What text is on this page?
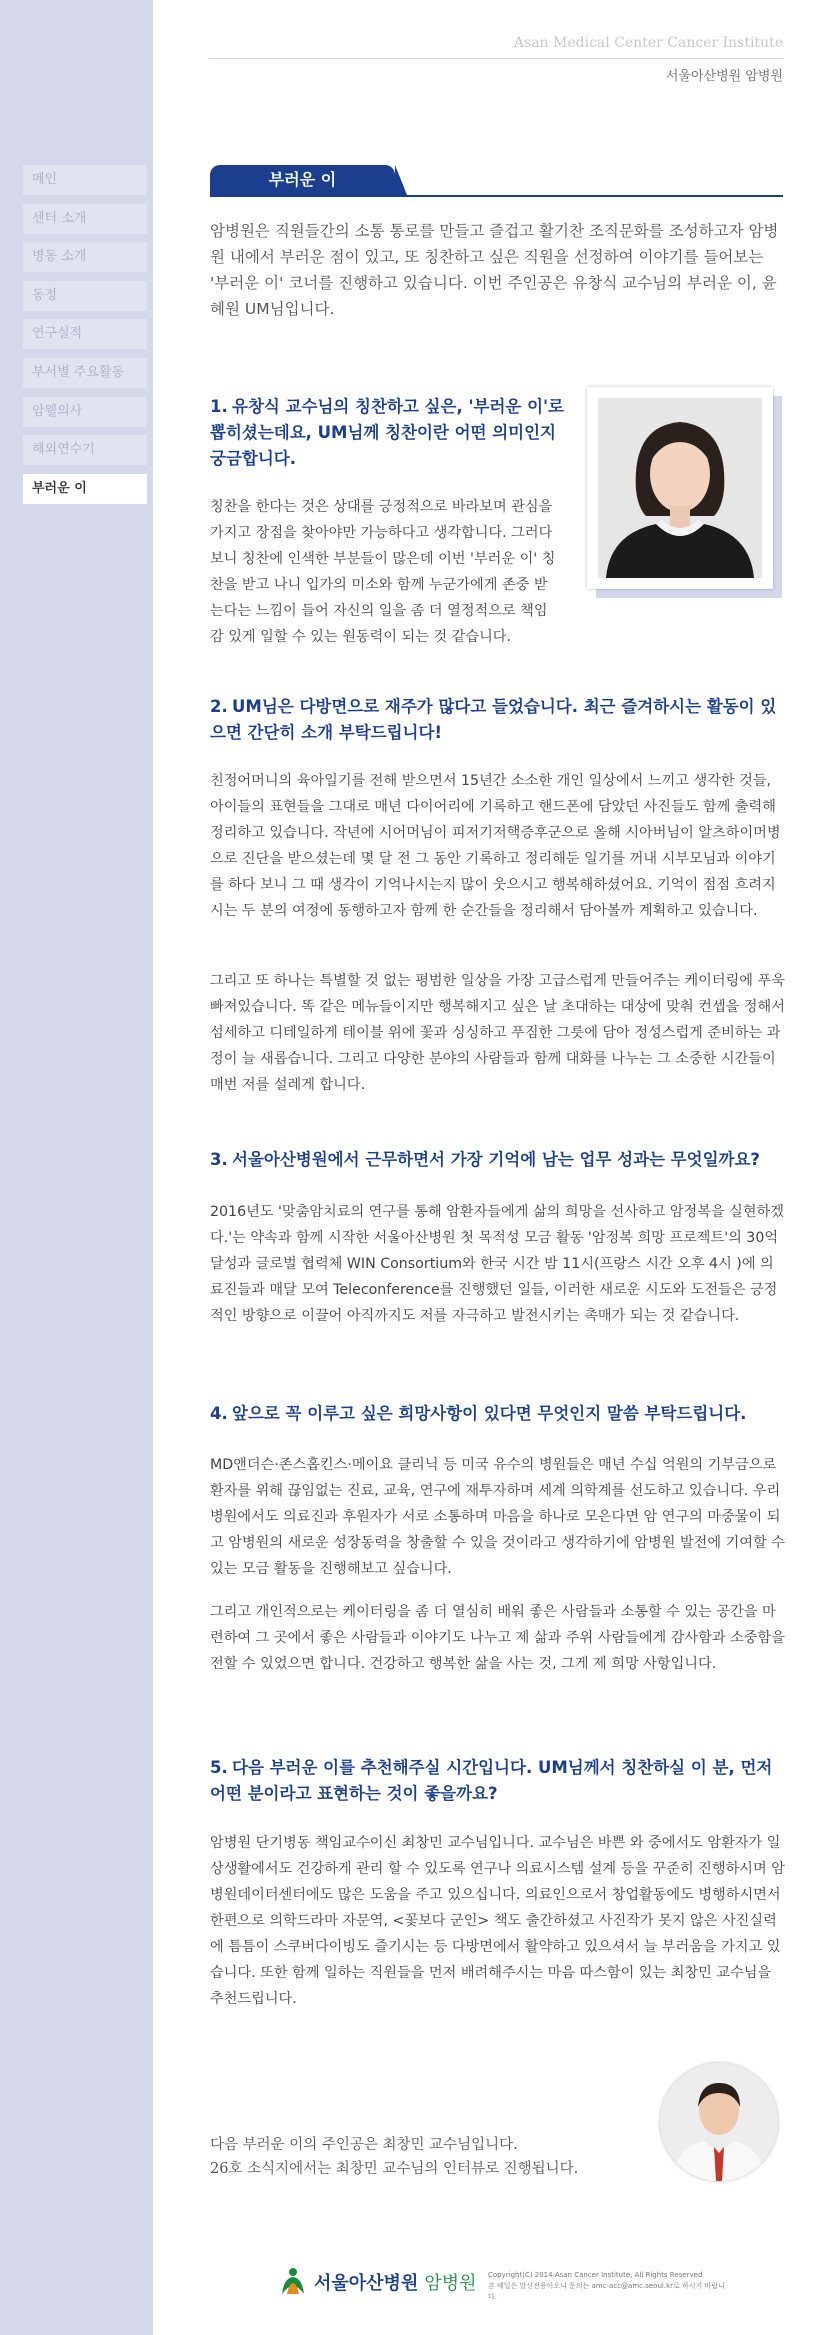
메인
센터 소개
병동 소개
동정
연구실적
부서별 주요활동
암웰의사
해외연수기
부러운 이
Asan Medical Center Cancer Institute
서울아산병원 암병원
부러운 이

암병원은 직원들간의 소통 통로를 만들고 즐겁고 활기찬 조직문화를 조성하고자 암병원 내에서 부러운 점이 있고, 또 칭찬하고 싶은 직원을 선정하여 이야기를 들어보는 '부러운 이' 코너를 진행하고 있습니다. 이번 주인공은 유창식 교수님의 부러운 이, 윤혜원 UM님입니다.

1. 유창식 교수님의 칭찬하고 싶은, '부러운 이'로 뽑히셨는데요, UM님께 칭찬이란 어떤 의미인지 궁금합니다.

칭찬을 한다는 것은 상대를 긍정적으로 바라보며 관심을 가지고 장점을 찾아야만 가능하다고 생각합니다. 그러다 보니 칭찬에 인색한 부분들이 많은데 이번 '부러운 이' 칭찬을 받고 나니 입가의 미소와 함께 누군가에게 존중 받는다는 느낌이 들어 자신의 일을 좀 더 열정적으로 책임감 있게 일할 수 있는 원동력이 되는 것 같습니다.

2. UM님은 다방면으로 재주가 많다고 들었습니다. 최근 즐겨하시는 활동이 있으면 간단히 소개 부탁드립니다!

친정어머니의 육아일기를 전해 받으면서 15년간 소소한 개인 일상에서 느끼고 생각한 것들, 아이들의 표현들을 그대로 매년 다이어리에 기록하고 핸드폰에 담았던 사진들도 함께 출력해 정리하고 있습니다. 작년에 시어머님이 피저기저핵증후군으로 올해 시아버님이 알츠하이머병으로 진단을 받으셨는데 몇 달 전 그 동안 기록하고 정리해둔 일기를 꺼내 시부모님과 이야기를 하다 보니 그 때 생각이 기억나시는지 많이 웃으시고 행복해하셨어요. 기억이 점점 흐려지시는 두 분의 여정에 동행하고자 함께 한 순간들을 정리해서 담아볼까 계획하고 있습니다.

그리고 또 하나는 특별할 것 없는 평범한 일상을 가장 고급스럽게 만들어주는 케이터링에 푸욱 빠져있습니다. 똑 같은 메뉴들이지만 행복해지고 싶은 날 초대하는 대상에 맞춰 컨셉을 정해서 섬세하고 디테일하게 테이블 위에 꽃과 싱싱하고 푸짐한 그릇에 담아 정성스럽게 준비하는 과정이 늘 새롭습니다. 그리고 다양한 분야의 사람들과 함께 대화를 나누는 그 소중한 시간들이 매번 저를 설레게 합니다.

3. 서울아산병원에서 근무하면서 가장 기억에 남는 업무 성과는 무엇일까요?

2016년도 '맞춤암치료의 연구를 통해 암환자들에게 삶의 희망을 선사하고 암정복을 실현하겠다.'는 약속과 함께 시작한 서울아산병원 첫 목적성 모금 활동 '암정복 희망 프로젝트'의 30억 달성과 글로벌 협력체 WIN Consortium와 한국 시간 밤 11시(프랑스 시간 오후 4시 )에 의료진들과 매달 모여 Teleconference를 진행했던 일들, 이러한 새로운 시도와 도전들은 긍정적인 방향으로 이끌어 아직까지도 저를 자극하고 발전시키는 촉매가 되는 것 같습니다.

4. 앞으로 꼭 이루고 싶은 희망사항이 있다면 무엇인지 말씀 부탁드립니다.

MD앤더슨·존스홉킨스·메이요 클리닉 등 미국 유수의 병원들은 매년 수십 억원의 기부금으로 환자를 위해 끊임없는 진료, 교육, 연구에 재투자하며 세계 의학계를 선도하고 있습니다. 우리 병원에서도 의료진과 후원자가 서로 소통하며 마음을 하나로 모은다면 암 연구의 마중물이 되고 암병원의 새로운 성장동력을 창출할 수 있을 것이라고 생각하기에 암병원 발전에 기여할 수 있는 모금 활동을 진행해보고 싶습니다.

그리고 개인적으로는 케이터링을 좀 더 열심히 배워 좋은 사람들과 소통할 수 있는 공간을 마련하여 그 곳에서 좋은 사람들과 이야기도 나누고 제 삶과 주위 사람들에게 감사함과 소중함을 전할 수 있었으면 합니다. 건강하고 행복한 삶을 사는 것, 그게 제 희망 사항입니다.

5. 다음 부러운 이를 추천해주실 시간입니다. UM님께서 칭찬하실 이 분, 먼저 어떤 분이라고 표현하는 것이 좋을까요?

암병원 단기병동 책임교수이신 최창민 교수님입니다. 교수님은 바쁜 와 중에서도 암환자가 일상생활에서도 건강하게 관리 할 수 있도록 연구나 의료시스템 설계 등을 꾸준히 진행하시며 암병원데이터센터에도 많은 도움을 주고 있으십니다. 의료인으로서 창업활동에도 병행하시면서 한편으로 의학드라마 자문역, <꽃보다 군인> 책도 출간하셨고 사진작가 못지 않은 사진실력에 틈틈이 스쿠버다이빙도 즐기시는 등 다방면에서 활약하고 있으셔서 늘 부러움을 가지고 있습니다. 또한 함께 일하는 직원들을 먼저 배려해주시는 마음 따스함이 있는 최창민 교수님을 추천드립니다.

다음 부러운 이의 주인공은 최창민 교수님입니다.
26호 소식지에서는 최창민 교수님의 인터뷰로 진행됩니다.

서울아산병원 암병원 Copyright(C) 2014 Asan Cancer Institute, All Rights Reserved
본 메일은 발신전용이오니 문의는 amc-acc@amc.seoul.kr로 하시기 바랍니다.
